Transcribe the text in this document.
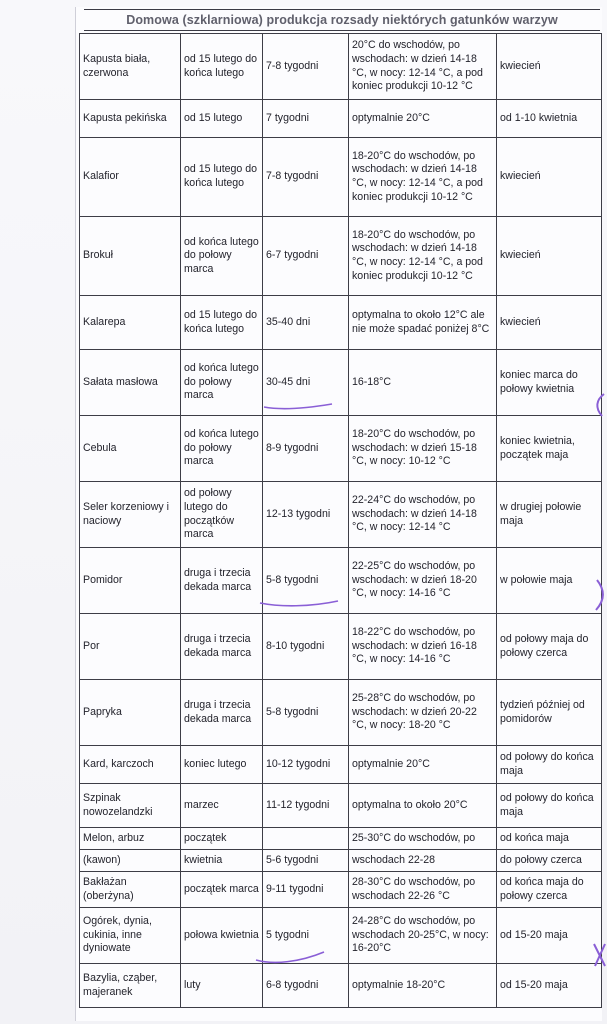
Domowa (szklarniowa) produkcja rozsady niektórych gatunków warzyw
Kapusta biała, czerwona	od 15 lutego do końca lutego	7-8 tygodni	20°C do wschodów, po wschodach: w dzień 14-18 °C, w nocy: 12-14 °C, a pod koniec produkcji 10-12 °C	kwiecień
Kapusta pekińska	od 15 lutego	7 tygodni	optymalnie 20°C	od 1-10 kwietnia
Kalafior	od 15 lutego do końca lutego	7-8 tygodni	18-20°C do wschodów, po wschodach: w dzień 14-18 °C, w nocy: 12-14 °C, a pod koniec produkcji 10-12 °C	kwiecień
Brokuł	od końca lutego do połowy marca	6-7 tygodni	18-20°C do wschodów, po wschodach: w dzień 14-18 °C, w nocy: 12-14 °C, a pod koniec produkcji 10-12 °C	kwiecień
Kalarepa	od 15 lutego do końca lutego	35-40 dni	optymalna to około 12°C ale nie może spadać poniżej 8°C	kwiecień
Sałata masłowa	od końca lutego do połowy marca	30-45 dni	16-18°C	koniec marca do połowy kwietnia
Cebula	od końca lutego do połowy marca	8-9 tygodni	18-20°C do wschodów, po wschodach: w dzień 15-18 °C, w nocy: 10-12 °C	koniec kwietnia, początek maja
Seler korzeniowy i naciowy	od połowy lutego do początków marca	12-13 tygodni	22-24°C do wschodów, po wschodach: w dzień 14-18 °C, w nocy: 12-14 °C	w drugiej połowie maja
Pomidor	druga i trzecia dekada marca	5-8 tygodni	22-25°C do wschodów, po wschodach: w dzień 18-20 °C, w nocy: 14-16 °C	w połowie maja
Por	druga i trzecia dekada marca	8-10 tygodni	18-22°C do wschodów, po wschodach: w dzień 16-18 °C, w nocy: 14-16 °C	od połowy maja do połowy czerca
Papryka	druga i trzecia dekada marca	5-8 tygodni	25-28°C do wschodów, po wschodach: w dzień 20-22 °C, w nocy: 18-20 °C	tydzień później od pomidorów
Kard, karczoch	koniec lutego	10-12 tygodni	optymalnie 20°C	od połowy do końca maja
Szpinak nowozelandzki	marzec	11-12 tygodni	optymalna to około 20°C	od połowy do końca maja
Melon, arbuz	początek		25-30°C do wschodów, po	od końca maja
(kawon)	kwietnia	5-6 tygodni	wschodach 22-28	do połowy czerca
Bakłażan (oberżyna)	początek marca	9-11 tygodni	28-30°C do wschodów, po wschodach 22-26 °C	od końca maja do połowy czerca
Ogórek, dynia, cukinia, inne dyniowate	połowa kwietnia	5 tygodni	24-28°C do wschodów, po wschodach 20-25°C, w nocy: 16-20°C	od 15-20 maja
Bazylia, cząber, majeranek	luty	6-8 tygodni	optymalnie 18-20°C	od 15-20 maja
